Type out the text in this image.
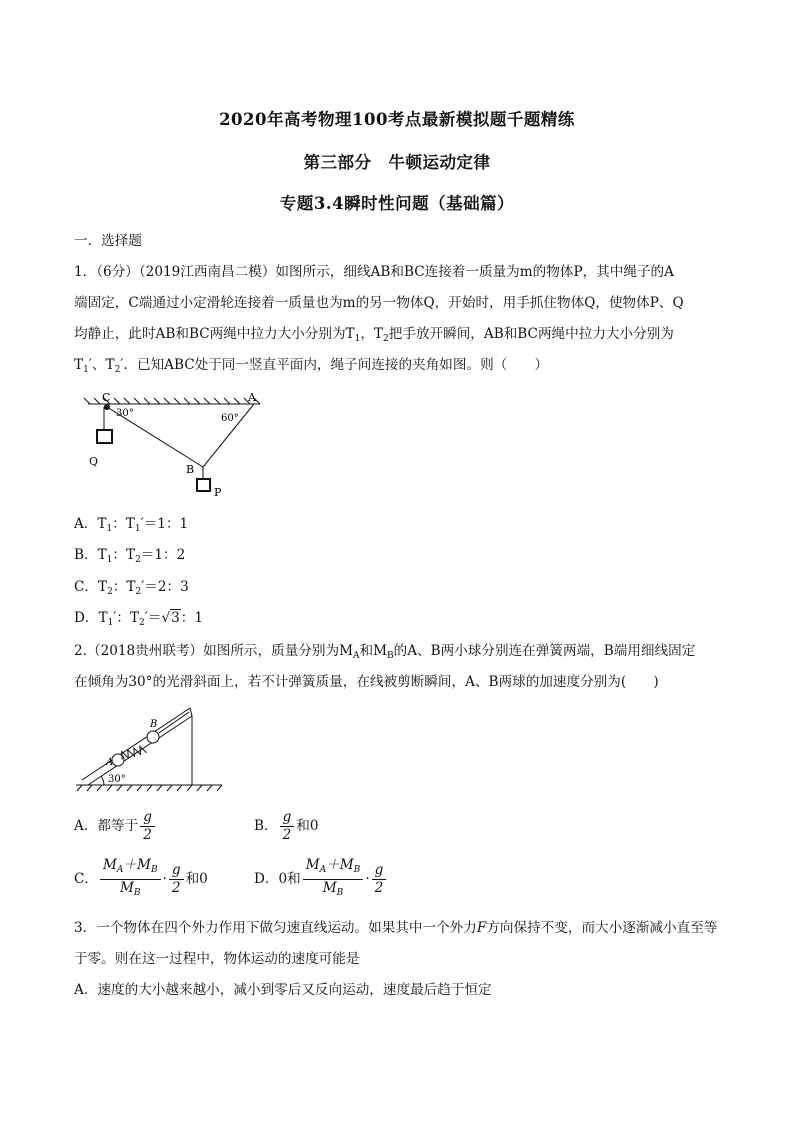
2020年高考物理100考点最新模拟题千题精练
第三部分　牛顿运动定律
专题3.4瞬时性问题（基础篇）
一．选择题
1．（6分）（2019江西南昌二模）如图所示，细线AB和BC连接着一质量为m的物体P，其中绳子的A
端固定，C端通过小定滑轮连接着一质量也为m的另一物体Q，开始时，用手抓住物体Q，使物体P、Q
均静止，此时AB和BC两绳中拉力大小分别为$T_1$，$T_2$把手放开瞬间，AB和BC两绳中拉力大小分别为
$T_1'$、$T_2'$．已知ABC处于同一竖直平面内，绳子间连接的夹角如图。则（　　）
C	A
30°	60°
B
Q
P
A．$T_1$：$T_1'=1$：1
B．$T_1$：$T_2=1$：2
C．$T_2$：$T_2'=2$：3
D．$T_1'$：$T_2'=√3$：1
2.（2018贵州联考）如图所示，质量分别为$M_A$和$M_B$的A、B两小球分别连在弹簧两端，B端用细线固定
在倾角为30°的光滑斜面上，若不计弹簧质量，在线被剪断瞬间，A、B两球的加速度分别为(　　)
A
B
30°
A．都等于 $\frac{g}{2}$	B． $\frac{g}{2}$ 和0
C． $\frac{M_A+M_B}{M_B} \cdot \frac{g}{2}$ 和0	D．0和 $\frac{M_A+M_B}{M_B} \cdot \frac{g}{2}$
3．一个物体在四个外力作用下做匀速直线运动。如果其中一个外力F方向保持不变，而大小逐渐减小直至等
于零。则在这一过程中，物体运动的速度可能是
A．速度的大小越来越小，减小到零后又反向运动，速度最后趋于恒定
